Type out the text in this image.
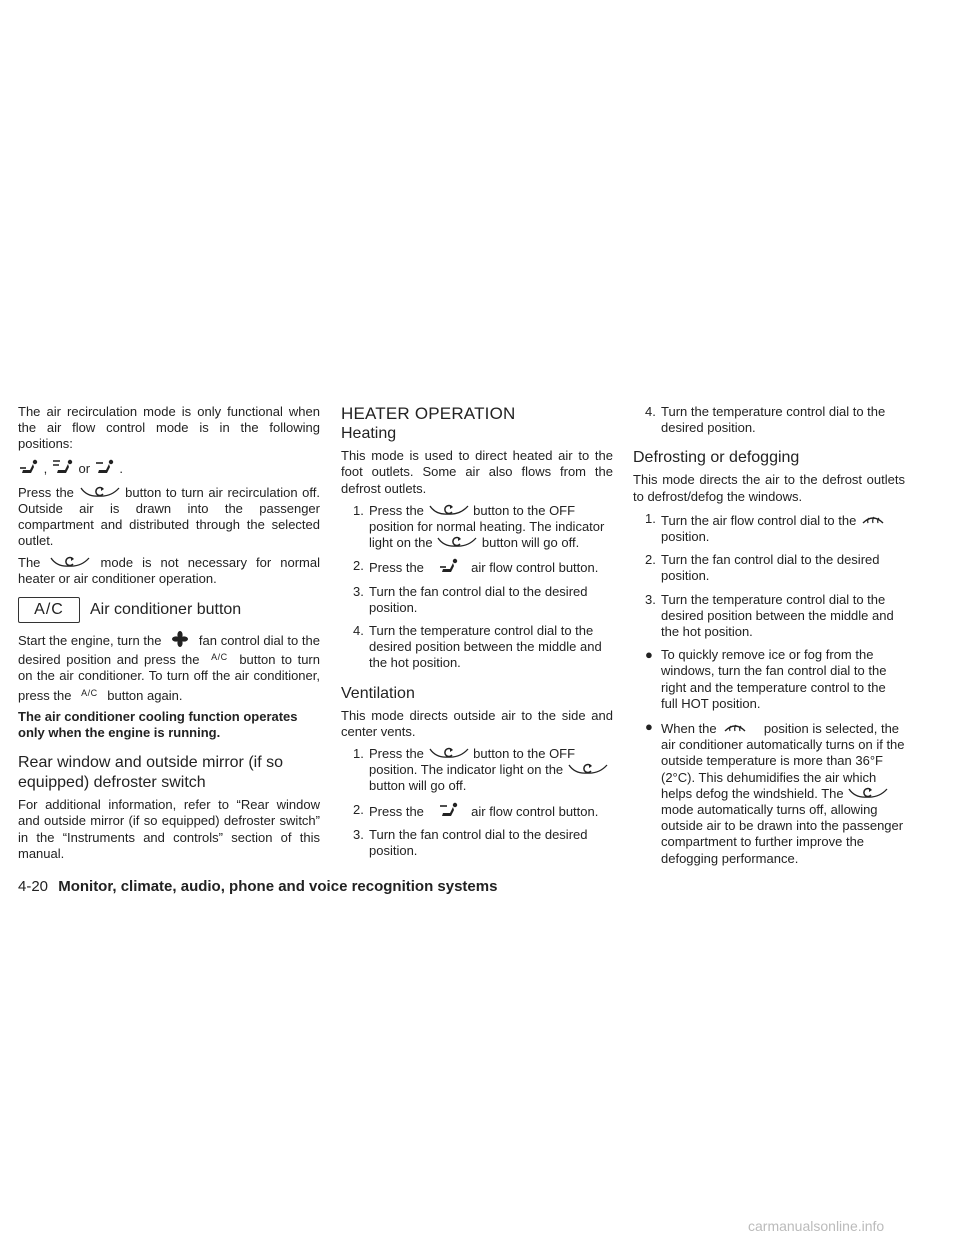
The air recirculation mode is only functional when the air flow control mode is in the following positions:

, or .

Press the	button to turn air recirculation off. Outside air is drawn into the passenger compartment and distributed through the selected outlet.

The	mode is not necessary for normal heater or air conditioner operation.

A/C	Air conditioner button

Start the engine, turn the	fan control dial to the desired position and press the $^{A/C}$ button to turn on the air conditioner. To turn off the air conditioner, press the $^{A/C}$ button again.

The air conditioner cooling function operates only when the engine is running.

Rear window and outside mirror (if so equipped) defroster switch

For additional information, refer to “Rear window and outside mirror (if so equipped) defroster switch” in the “Instruments and controls” section of this manual.

HEATER OPERATION
Heating

This mode is used to direct heated air to the foot outlets. Some air also flows from the defrost outlets.

1. Press the	button to the OFF position for normal heating. The indicator light on the	button will go off.
2. Press the	air flow control button.
3. Turn the fan control dial to the desired position.
4. Turn the temperature control dial to the desired position between the middle and the hot position.
Ventilation

This mode directs outside air to the side and center vents.

1. Press the	button to the OFF position. The indicator light on the
button will go off.
2. Press the	air flow control button.
3. Turn the fan control dial to the desired position.
4. Turn the temperature control dial to the desired position.
Defrosting or defogging

This mode directs the air to the defrost outlets to defrost/defog the windows.

1. Turn the air flow control dial to the
position.
2. Turn the fan control dial to the desired position.
3. Turn the temperature control dial to the desired position between the middle and the hot position.
● To quickly remove ice or fog from the windows, turn the fan control dial to the right and the temperature control to the full HOT position.
● When the	position is selected, the air conditioner automatically turns on if the outside temperature is more than 36°F (2°C). This dehumidifies the air which helps defog the windshield. The
mode automatically turns off, allowing outside air to be drawn into the passenger compartment to further improve the defogging performance.
4-20 Monitor, climate, audio, phone and voice recognition systems
carmanualsonline.info
